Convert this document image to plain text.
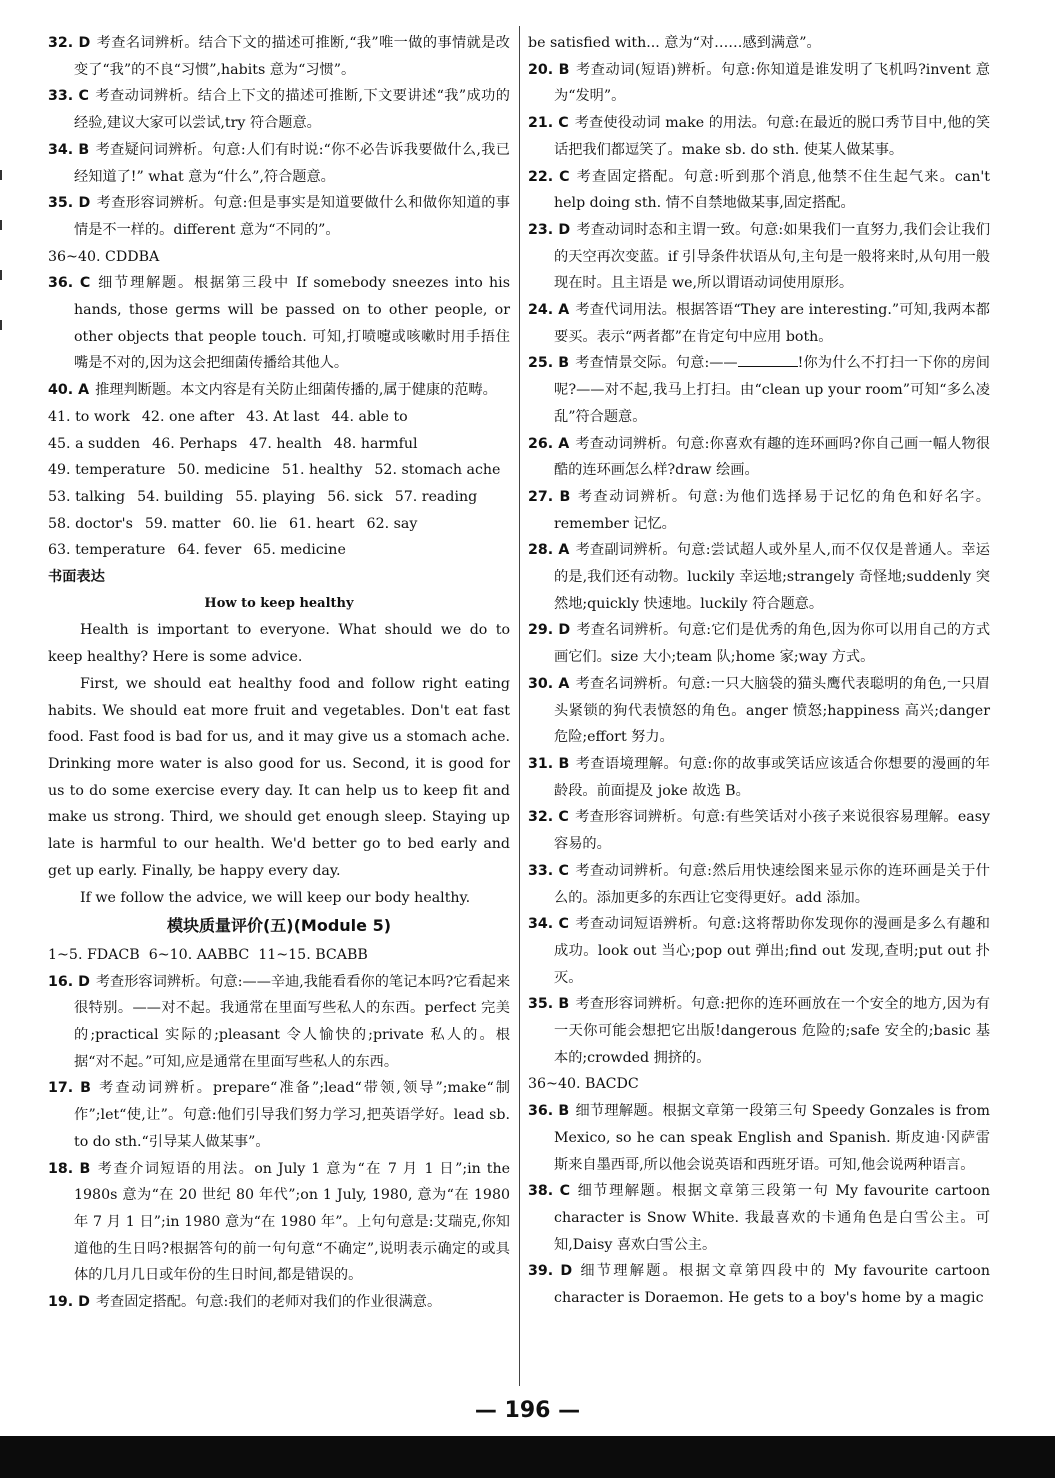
32. D 考查名词辨析。结合下文的描述可推断,“我”唯一做的事情就是改变了“我”的不良“习惯”,habits 意为“习惯”。

33. C 考查动词辨析。结合上下文的描述可推断,下文要讲述“我”成功的经验,建议大家可以尝试,try 符合题意。

34. B 考查疑问词辨析。句意:人们有时说:“你不必告诉我要做什么,我已经知道了!” what 意为“什么”,符合题意。

35. D 考查形容词辨析。句意:但是事实是知道要做什么和做你知道的事情是不一样的。different 意为“不同的”。

36~40. CDDBA

36. C 细节理解题。根据第三段中 If somebody sneezes into his hands, those germs will be passed on to other people, or other objects that people touch. 可知,打喷嚏或咳嗽时用手捂住嘴是不对的,因为这会把细菌传播给其他人。

40. A 推理判断题。本文内容是有关防止细菌传播的,属于健康的范畴。

41. to work 42. one after 43. At last 44. able to
45. a sudden 46. Perhaps 47. health 48. harmful
49. temperature 50. medicine 51. healthy 52. stomach ache
53. talking 54. building 55. playing 56. sick 57. reading
58. doctor's 59. matter 60. lie 61. heart 62. say
63. temperature 64. fever 65. medicine

书面表达

How to keep healthy

Health is important to everyone. What should we do to keep healthy? Here is some advice.

First, we should eat healthy food and follow right eating habits. We should eat more fruit and vegetables. Don't eat fast food. Fast food is bad for us, and it may give us a stomach ache. Drinking more water is also good for us. Second, it is good for us to do some exercise every day. It can help us to keep fit and make us strong. Third, we should get enough sleep. Staying up late is harmful to our health. We'd better go to bed early and get up early. Finally, be happy every day.

If we follow the advice, we will keep our body healthy.

模块质量评价(五)(Module 5)

1~5. FDACB  6~10. AABBC  11~15. BCABB

16. D 考查形容词辨析。句意:——辛迪,我能看看你的笔记本吗?它看起来很特别。——对不起。我通常在里面写些私人的东西。perfect 完美的;practical 实际的;pleasant 令人愉快的;private 私人的。根据“对不起。”可知,应是通常在里面写些私人的东西。

17. B 考查动词辨析。prepare“准备”;lead“带领,领导”;make“制作”;let“使,让”。句意:他们引导我们努力学习,把英语学好。lead sb. to do sth.“引导某人做某事”。

18. B 考查介词短语的用法。on July 1 意为“在 7 月 1 日”;in the 1980s 意为“在 20 世纪 80 年代”;on 1 July, 1980, 意为“在 1980 年 7 月 1 日”;in 1980 意为“在 1980 年”。上句句意是:艾瑞克,你知道他的生日吗?根据答句的前一句句意“不确定”,说明表示确定的或具体的几月几日或年份的生日时间,都是错误的。

19. D 考查固定搭配。句意:我们的老师对我们的作业很满意。

be satisfied with... 意为“对……感到满意”。

20. B 考查动词(短语)辨析。句意:你知道是谁发明了飞机吗?invent 意为“发明”。

21. C 考查使役动词 make 的用法。句意:在最近的脱口秀节目中,他的笑话把我们都逗笑了。make sb. do sth. 使某人做某事。

22. C 考查固定搭配。句意:听到那个消息,他禁不住生起气来。can't help doing sth. 情不自禁地做某事,固定搭配。

23. D 考查动词时态和主谓一致。句意:如果我们一直努力,我们会让我们的天空再次变蓝。if 引导条件状语从句,主句是一般将来时,从句用一般现在时。且主语是 we,所以谓语动词使用原形。

24. A 考查代词用法。根据答语“They are interesting.”可知,我两本都要买。表示“两者都”在肯定句中应用 both。

25. B 考查情景交际。句意:——	!你为什么不打扫一下你的房间呢?——对不起,我马上打扫。由“clean up your room”可知“多么凌乱”符合题意。

26. A 考查动词辨析。句意:你喜欢有趣的连环画吗?你自己画一幅人物很酷的连环画怎么样?draw 绘画。

27. B 考查动词辨析。句意:为他们选择易于记忆的角色和好名字。remember 记忆。

28. A 考查副词辨析。句意:尝试超人或外星人,而不仅仅是普通人。幸运的是,我们还有动物。luckily 幸运地;strangely 奇怪地;suddenly 突然地;quickly 快速地。luckily 符合题意。

29. D 考查名词辨析。句意:它们是优秀的角色,因为你可以用自己的方式画它们。size 大小;team 队;home 家;way 方式。

30. A 考查名词辨析。句意:一只大脑袋的猫头鹰代表聪明的角色,一只眉头紧锁的狗代表愤怒的角色。anger 愤怒;happiness 高兴;danger 危险;effort 努力。

31. B 考查语境理解。句意:你的故事或笑话应该适合你想要的漫画的年龄段。前面提及 joke 故选 B。

32. C 考查形容词辨析。句意:有些笑话对小孩子来说很容易理解。easy 容易的。

33. C 考查动词辨析。句意:然后用快速绘图来显示你的连环画是关于什么的。添加更多的东西让它变得更好。add 添加。

34. C 考查动词短语辨析。句意:这将帮助你发现你的漫画是多么有趣和成功。look out 当心;pop out 弹出;find out 发现,查明;put out 扑灭。

35. B 考查形容词辨析。句意:把你的连环画放在一个安全的地方,因为有一天你可能会想把它出版!dangerous 危险的;safe 安全的;basic 基本的;crowded 拥挤的。

36~40. BACDC

36. B 细节理解题。根据文章第一段第三句 Speedy Gonzales is from Mexico, so he can speak English and Spanish. 斯皮迪·冈萨雷斯来自墨西哥,所以他会说英语和西班牙语。可知,他会说两种语言。

38. C 细节理解题。根据文章第三段第一句 My favourite cartoon character is Snow White. 我最喜欢的卡通角色是白雪公主。可知,Daisy 喜欢白雪公主。

39. D 细节理解题。根据文章第四段中的 My favourite cartoon character is Doraemon. He gets to a boy's home by a magic

— 196 —
